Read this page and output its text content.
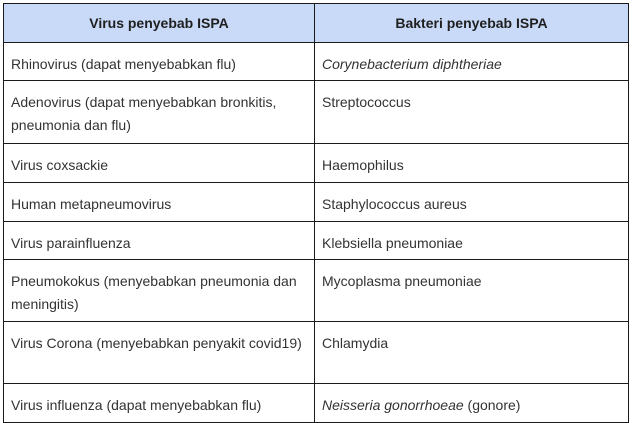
Virus penyebab ISPA	Bakteri penyebab ISPA
Rhinovirus (dapat menyebabkan flu)	Corynebacterium diphtheriae
Adenovirus (dapat menyebabkan bronkitis, pneumonia dan flu)	Streptococcus
Virus coxsackie	Haemophilus
Human metapneumovirus	Staphylococcus aureus
Virus parainfluenza	Klebsiella pneumoniae
Pneumokokus (menyebabkan pneumonia dan meningitis)	Mycoplasma pneumoniae
Virus Corona (menyebabkan penyakit covid19)	Chlamydia
Virus influenza (dapat menyebabkan flu)	Neisseria gonorrhoeae (gonore)
